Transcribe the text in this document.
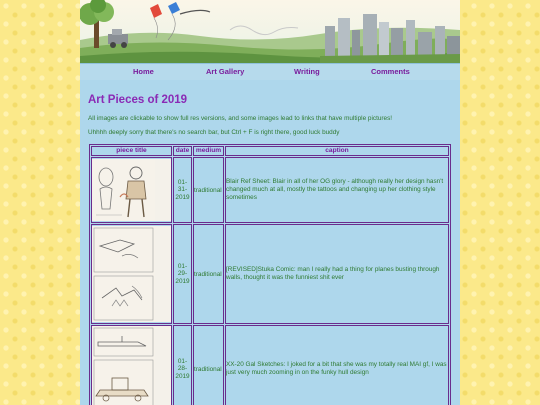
Home	Art Gallery	Writing	Comments
Art Pieces of 2019

All images are clickable to show full res versions, and some images lead to links that have multiple pictures!

Uhhhh deeply sorry that there's no search bar, but Ctrl + F is right there, good luck buddy

piece title	date	medium	caption

	01-
31-
2019	traditional	Blair Ref Sheet: Blair in all of her OG glory - although really her design hasn't changed much at all, mostly the tattoos and changing up her clothing style sometimes

	01-
29-
2019	traditional	[REVISED]Stuka Comic: man I really had a thing for planes busting through walls, thought it was the funniest shit ever

	01-
28-
2019	traditional	XX-20 Gal Sketches: I joked for a bit that she was my totally real MAI gf, I was just very much zooming in on the funky hull design
